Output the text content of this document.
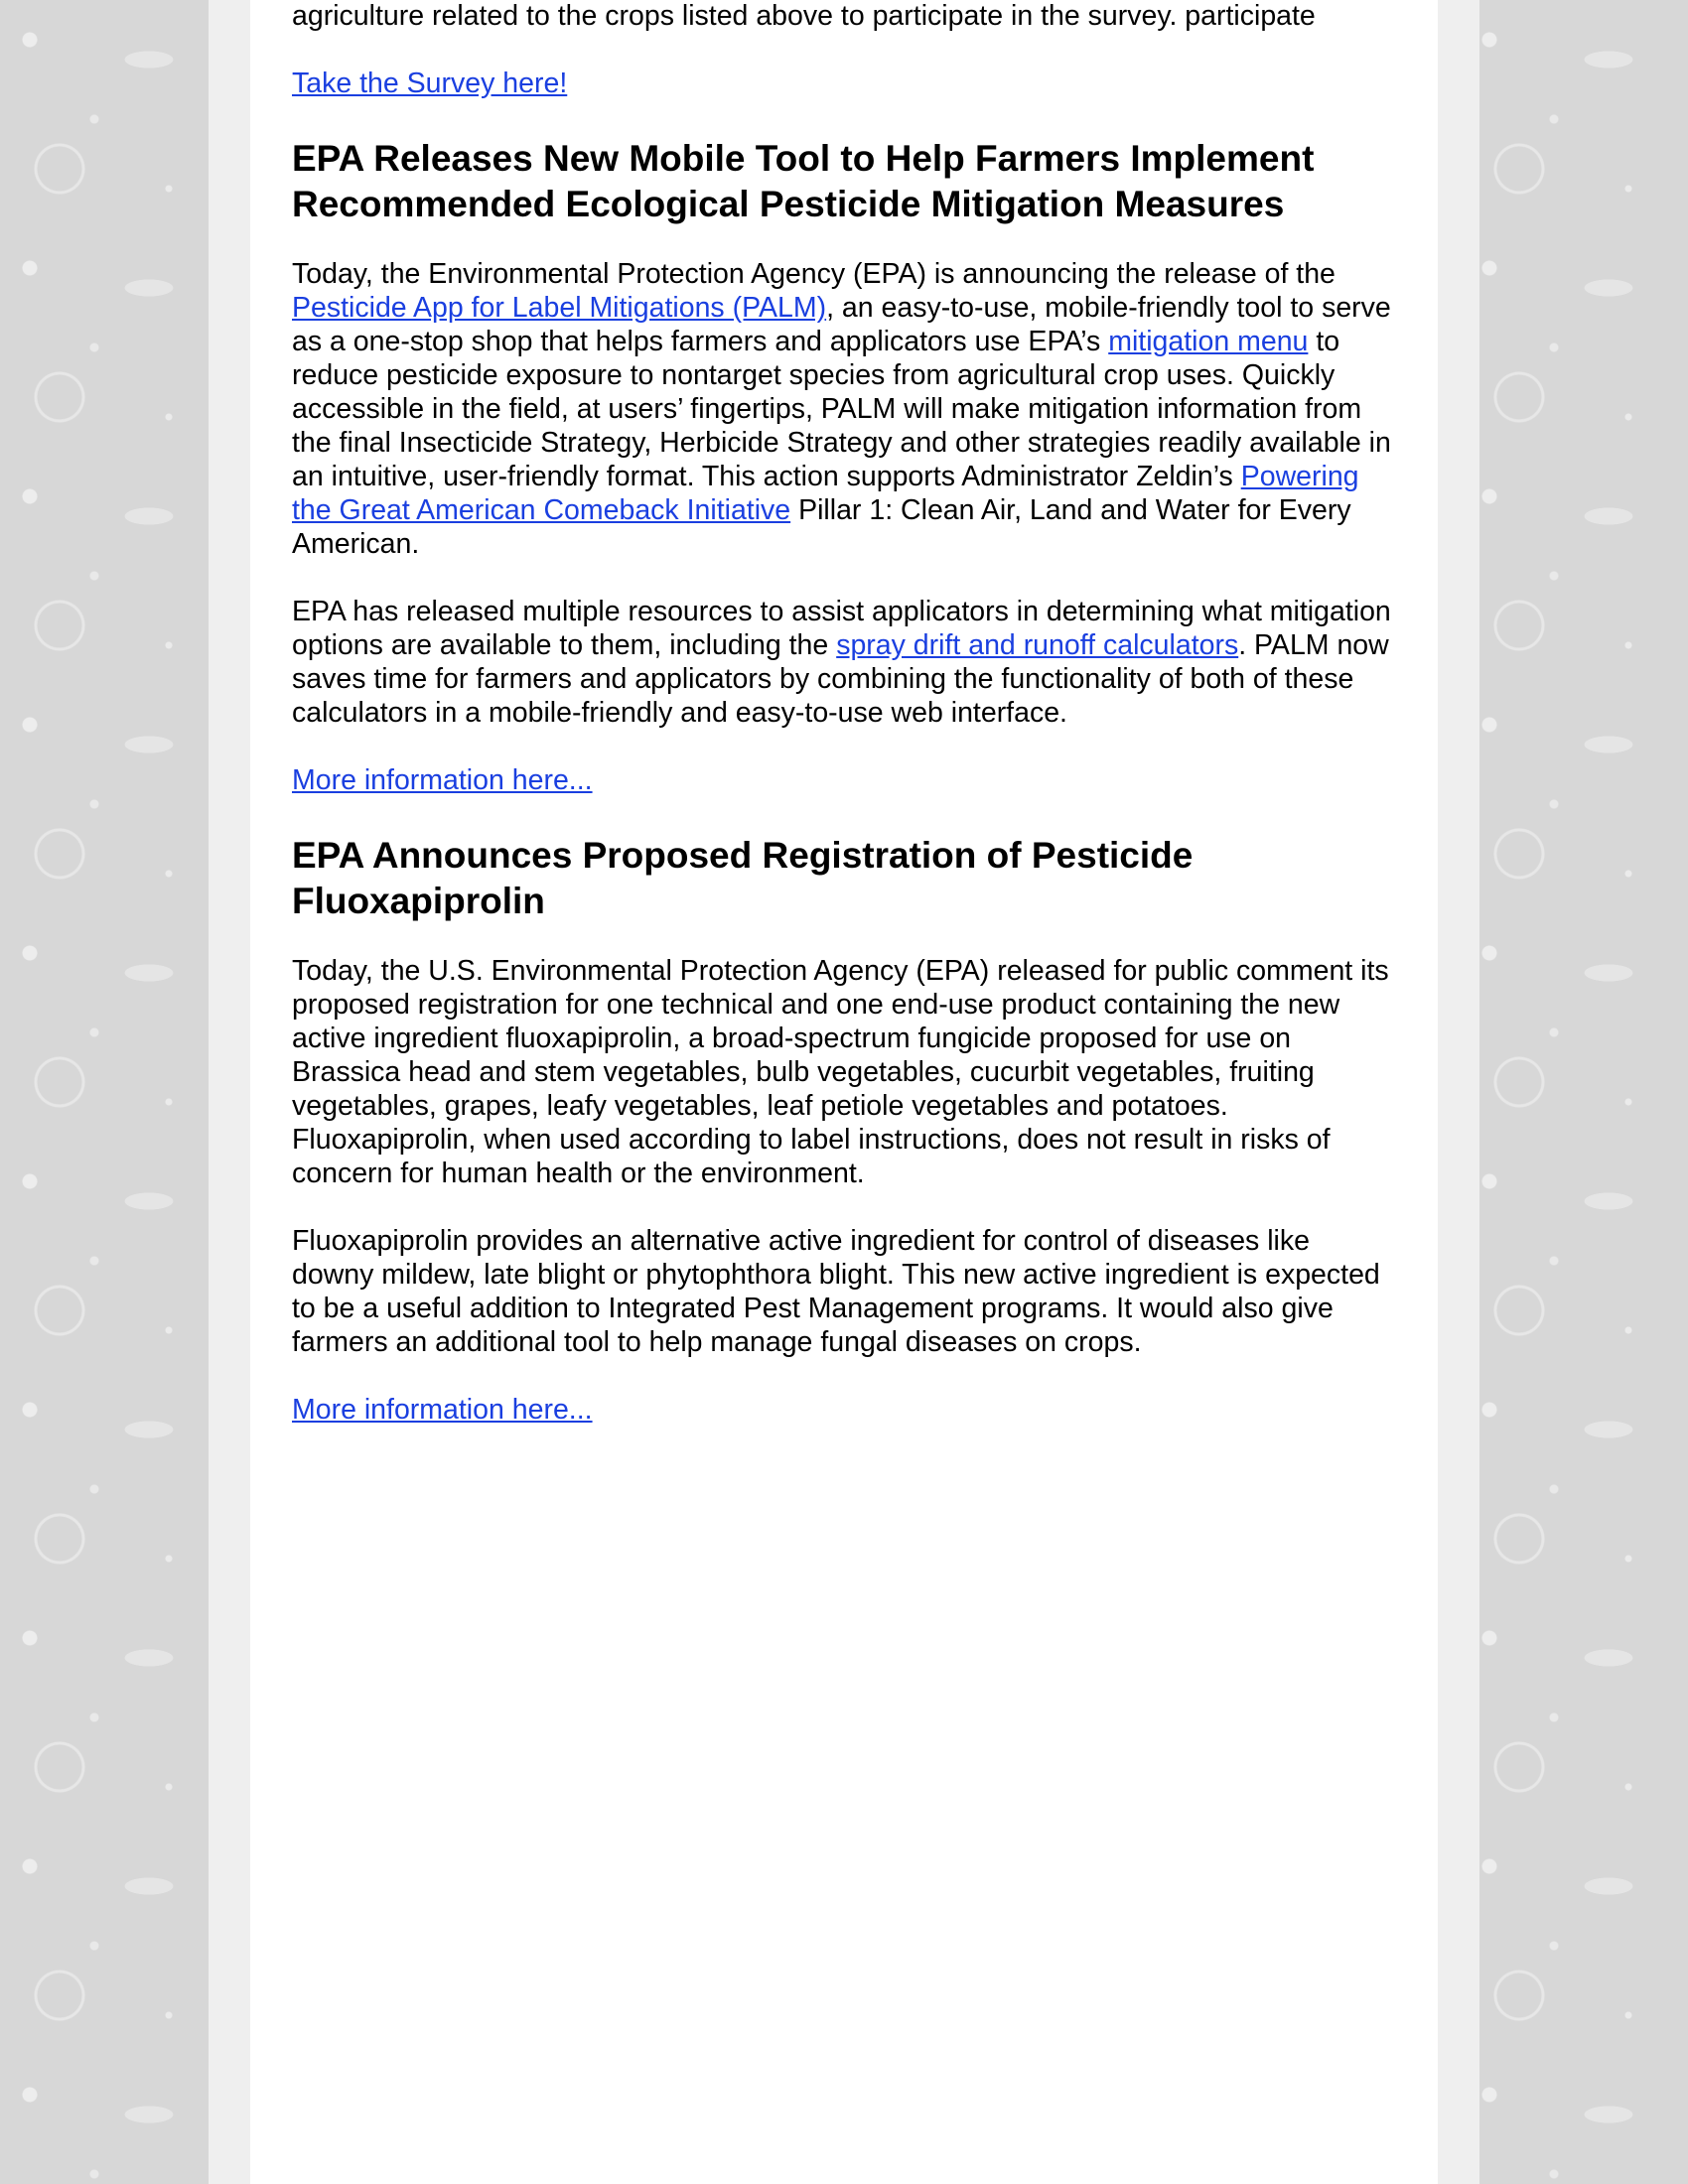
agriculture related to the crops listed above to participate in the survey. participate

Take the Survey here!

EPA Releases New Mobile Tool to Help Farmers Implement Recommended Ecological Pesticide Mitigation Measures

Today, the Environmental Protection Agency (EPA) is announcing the release of the Pesticide App for Label Mitigations (PALM), an easy-to-use, mobile-friendly tool to serve as a one-stop shop that helps farmers and applicators use EPA’s mitigation menu to reduce pesticide exposure to nontarget species from agricultural crop uses. Quickly accessible in the field, at users’ fingertips, PALM will make mitigation information from the final Insecticide Strategy, Herbicide Strategy and other strategies readily available in an intuitive, user-friendly format. This action supports Administrator Zeldin’s Powering the Great American Comeback Initiative Pillar 1: Clean Air, Land and Water for Every American.

EPA has released multiple resources to assist applicators in determining what mitigation options are available to them, including the spray drift and runoff calculators. PALM now saves time for farmers and applicators by combining the functionality of both of these calculators in a mobile-friendly and easy-to-use web interface.

More information here...

EPA Announces Proposed Registration of Pesticide Fluoxapiprolin

Today, the U.S. Environmental Protection Agency (EPA) released for public comment its proposed registration for one technical and one end-use product containing the new active ingredient fluoxapiprolin, a broad-spectrum fungicide proposed for use on Brassica head and stem vegetables, bulb vegetables, cucurbit vegetables, fruiting vegetables, grapes, leafy vegetables, leaf petiole vegetables and potatoes. Fluoxapiprolin, when used according to label instructions, does not result in risks of concern for human health or the environment.

Fluoxapiprolin provides an alternative active ingredient for control of diseases like downy mildew, late blight or phytophthora blight. This new active ingredient is expected to be a useful addition to Integrated Pest Management programs. It would also give farmers an additional tool to help manage fungal diseases on crops.

More information here...
